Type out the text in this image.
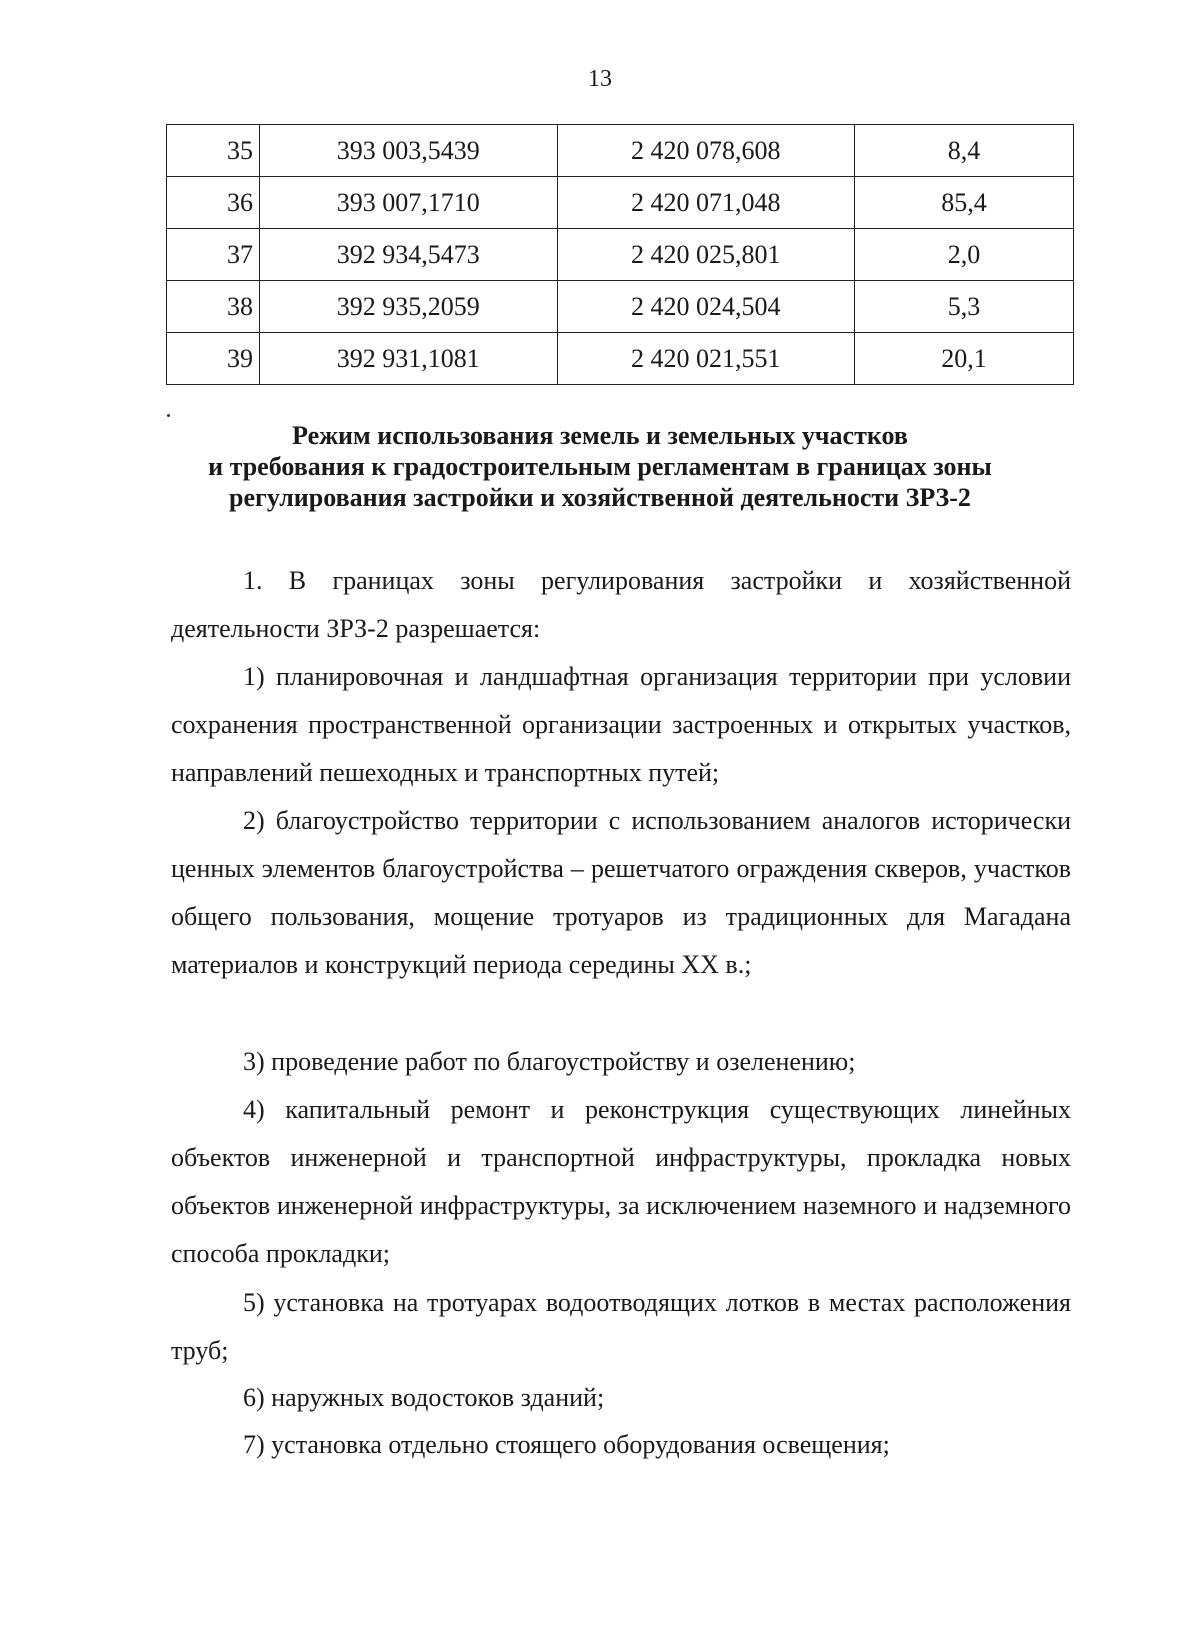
13
35	393 003,5439	2 420 078,608	8,4
36	393 007,1710	2 420 071,048	85,4
37	392 934,5473	2 420 025,801	2,0
38	392 935,2059	2 420 024,504	5,3
39	392 931,1081	2 420 021,551	20,1
Режим использования земель и земельных участков
и требования к градостроительным регламентам в границах зоны
регулирования застройки и хозяйственной деятельности ЗРЗ-2
1. В границах зоны регулирования застройки и хозяйственной деятельности ЗРЗ-2 разрешается:
1) планировочная и ландшафтная организация территории при условии сохранения пространственной организации застроенных и открытых участков, направлений пешеходных и транспортных путей;
2) благоустройство территории с использованием аналогов исторически ценных элементов благоустройства – решетчатого ограждения скверов, участков общего пользования, мощение тротуаров из традиционных для Магадана материалов и конструкций периода середины XX в.;
3) проведение работ по благоустройству и озеленению;
4) капитальный ремонт и реконструкция существующих линейных объектов инженерной и транспортной инфраструктуры, прокладка новых объектов инженерной инфраструктуры, за исключением наземного и надземного способа прокладки;
5) установка на тротуарах водоотводящих лотков в местах расположения труб;
6) наружных водостоков зданий;
7) установка отдельно стоящего оборудования освещения;
